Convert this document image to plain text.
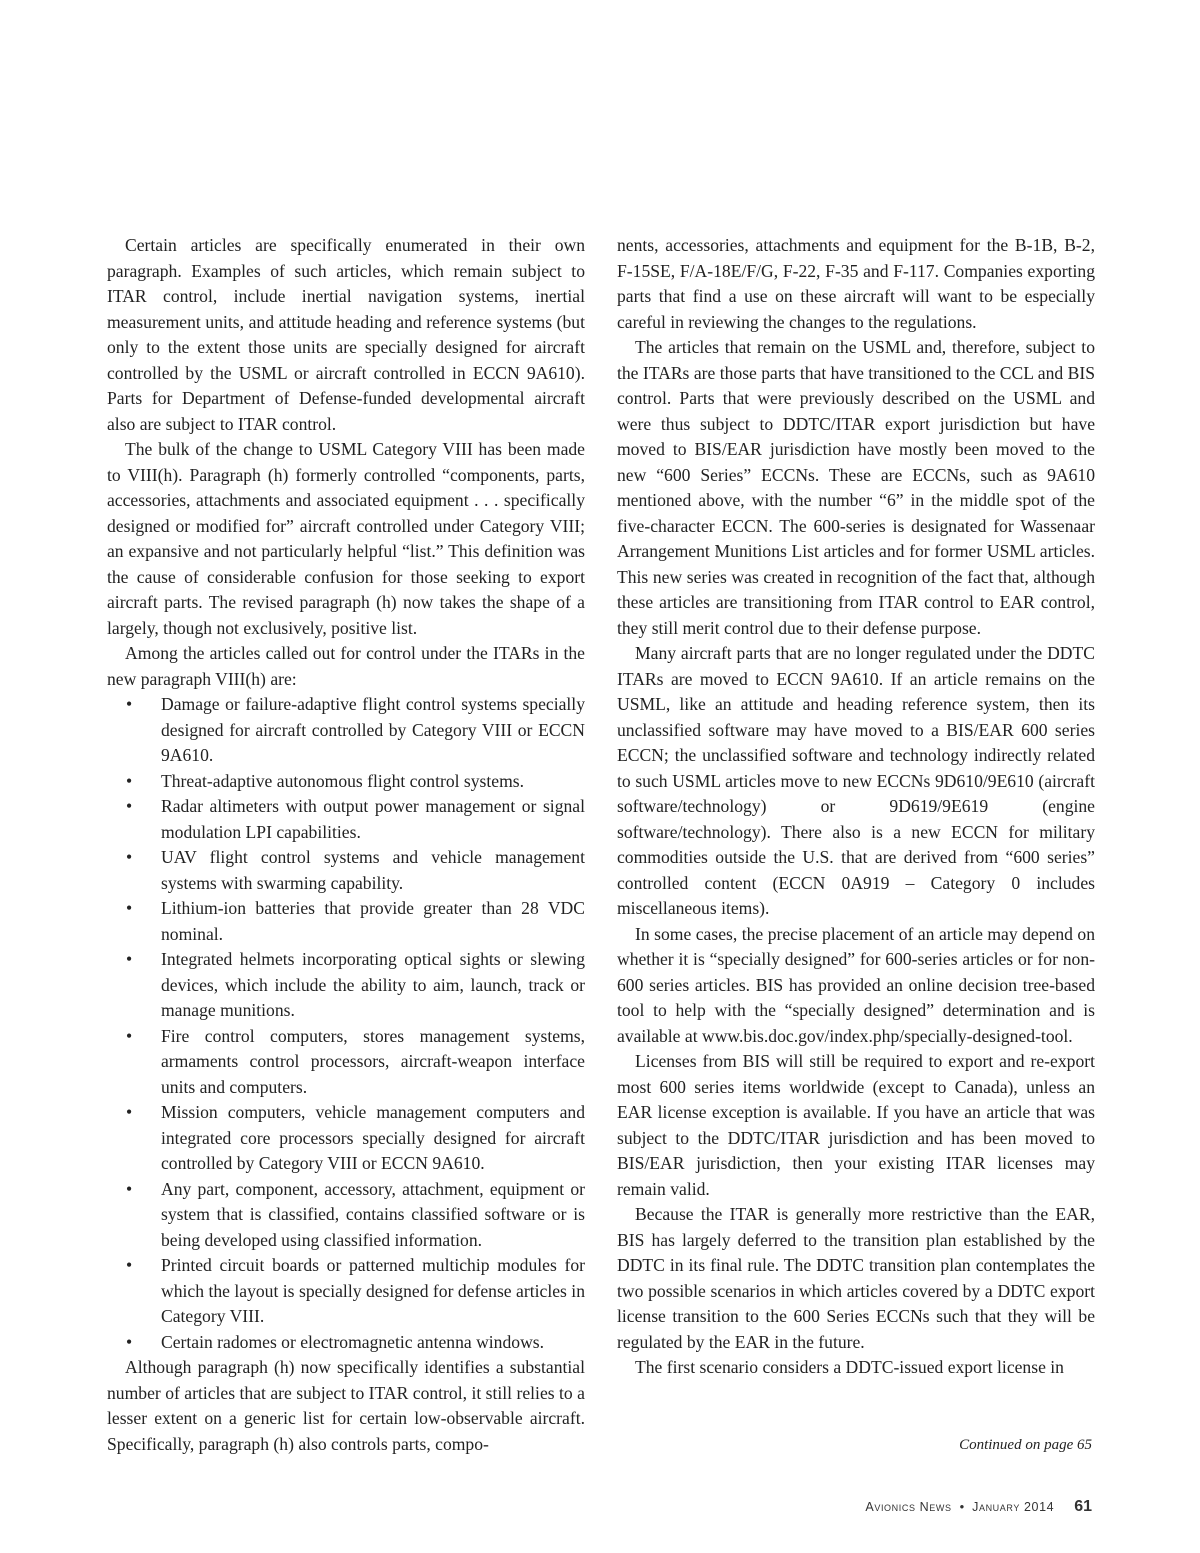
Certain articles are specifically enumerated in their own paragraph. Examples of such articles, which remain subject to ITAR control, include inertial navigation systems, inertial measurement units, and attitude heading and reference systems (but only to the extent those units are specially designed for aircraft controlled by the USML or aircraft controlled in ECCN 9A610). Parts for Department of Defense-funded developmental aircraft also are subject to ITAR control.

The bulk of the change to USML Category VIII has been made to VIII(h). Paragraph (h) formerly controlled “components, parts, accessories, attachments and associated equipment . . . specifically designed or modified for” aircraft controlled under Category VIII; an expansive and not particularly helpful “list.” This definition was the cause of considerable confusion for those seeking to export aircraft parts. The revised paragraph (h) now takes the shape of a largely, though not exclusively, positive list.

Among the articles called out for control under the ITARs in the new paragraph VIII(h) are:

• Damage or failure-adaptive flight control systems specially designed for aircraft controlled by Category VIII or ECCN 9A610.
• Threat-adaptive autonomous flight control systems.
• Radar altimeters with output power management or signal modulation LPI capabilities.
• UAV flight control systems and vehicle management systems with swarming capability.
• Lithium-ion batteries that provide greater than 28 VDC nominal.
• Integrated helmets incorporating optical sights or slewing devices, which include the ability to aim, launch, track or manage munitions.
• Fire control computers, stores management systems, armaments control processors, aircraft-weapon interface units and computers.
• Mission computers, vehicle management computers and integrated core processors specially designed for aircraft controlled by Category VIII or ECCN 9A610.
• Any part, component, accessory, attachment, equipment or system that is classified, contains classified software or is being developed using classified information.
• Printed circuit boards or patterned multichip modules for which the layout is specially designed for defense articles in Category VIII.
• Certain radomes or electromagnetic antenna windows.

Although paragraph (h) now specifically identifies a substantial number of articles that are subject to ITAR control, it still relies to a lesser extent on a generic list for certain low-observable aircraft. Specifically, paragraph (h) also controls parts, compo-

nents, accessories, attachments and equipment for the B-1B, B-2, F-15SE, F/A-18E/F/G, F-22, F-35 and F-117. Companies exporting parts that find a use on these aircraft will want to be especially careful in reviewing the changes to the regulations.

The articles that remain on the USML and, therefore, subject to the ITARs are those parts that have transitioned to the CCL and BIS control. Parts that were previously described on the USML and were thus subject to DDTC/ITAR export jurisdiction but have moved to BIS/EAR jurisdiction have mostly been moved to the new “600 Series” ECCNs. These are ECCNs, such as 9A610 mentioned above, with the number “6” in the middle spot of the five-character ECCN. The 600-series is designated for Wassenaar Arrangement Munitions List articles and for former USML articles. This new series was created in recognition of the fact that, although these articles are transitioning from ITAR control to EAR control, they still merit control due to their defense purpose.

Many aircraft parts that are no longer regulated under the DDTC ITARs are moved to ECCN 9A610. If an article remains on the USML, like an attitude and heading reference system, then its unclassified software may have moved to a BIS/EAR 600 series ECCN; the unclassified software and technology indirectly related to such USML articles move to new ECCNs 9D610/9E610 (aircraft software/technology) or 9D619/9E619 (engine software/technology). There also is a new ECCN for military commodities outside the U.S. that are derived from “600 series” controlled content (ECCN 0A919 – Category 0 includes miscellaneous items).

In some cases, the precise placement of an article may depend on whether it is “specially designed” for 600-series articles or for non-600 series articles. BIS has provided an online decision tree-based tool to help with the “specially designed” determination and is available at www.bis.doc.gov/index.php/specially-designed-tool.

Licenses from BIS will still be required to export and re-export most 600 series items worldwide (except to Canada), unless an EAR license exception is available. If you have an article that was subject to the DDTC/ITAR jurisdiction and has been moved to BIS/EAR jurisdiction, then your existing ITAR licenses may remain valid.

Because the ITAR is generally more restrictive than the EAR, BIS has largely deferred to the transition plan established by the DDTC in its final rule. The DDTC transition plan contemplates the two possible scenarios in which articles covered by a DDTC export license transition to the 600 Series ECCNs such that they will be regulated by the EAR in the future.

The first scenario considers a DDTC-issued export license in

Continued on page 65
Avionics News • January 2014 61
